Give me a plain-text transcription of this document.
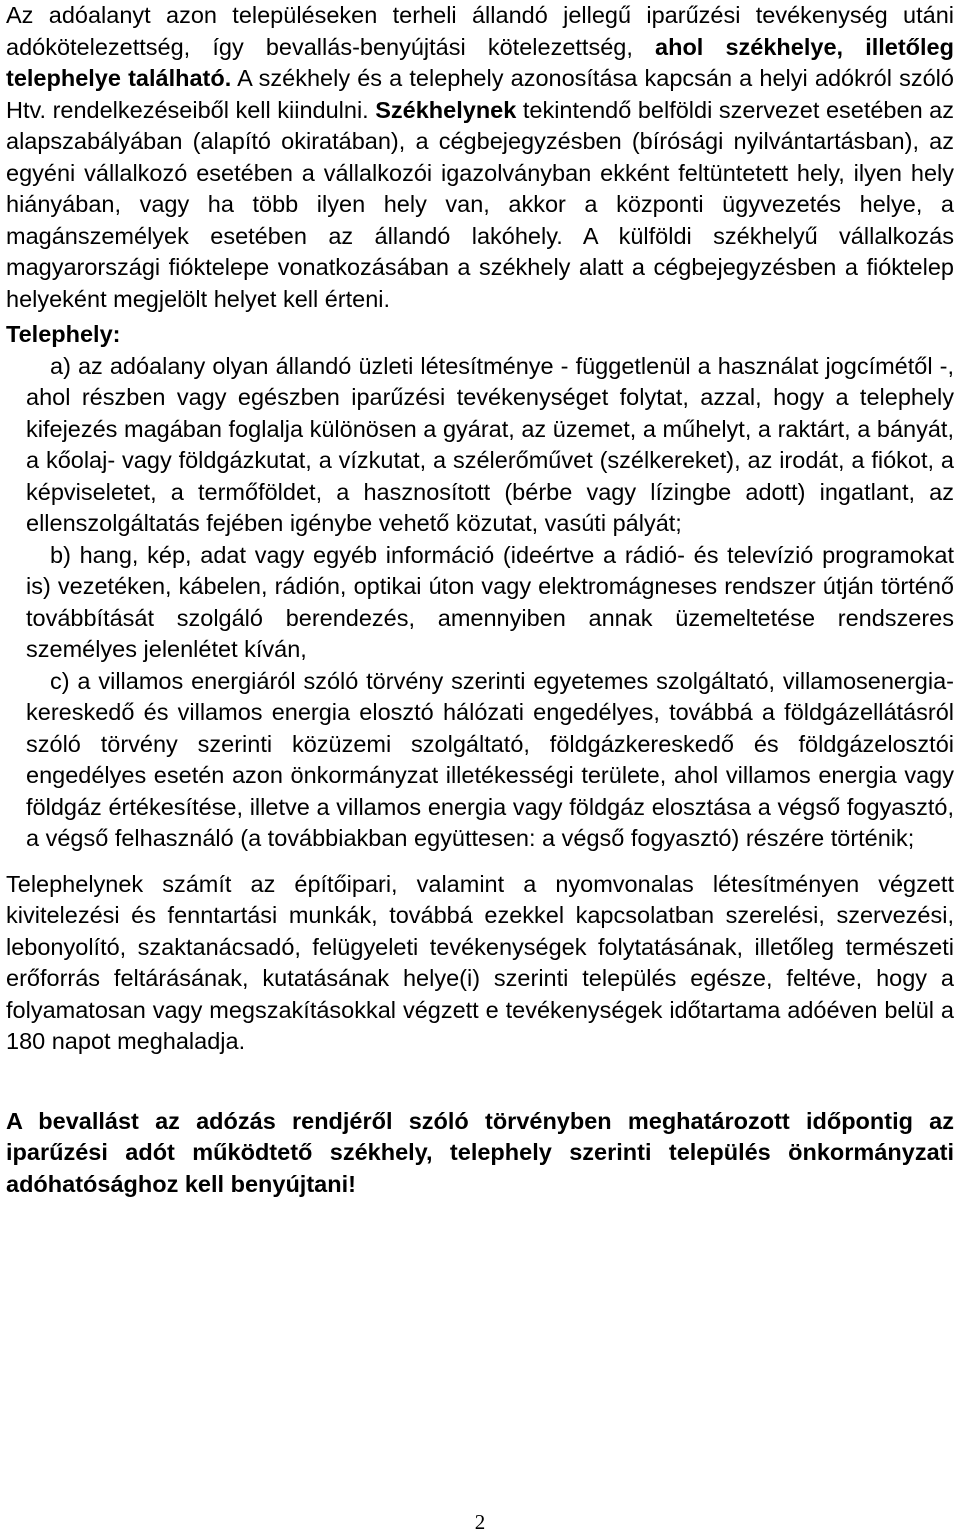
Az adóalanyt azon településeken terheli állandó jellegű iparűzési tevékenység utáni adókötelezettség, így bevallás-benyújtási kötelezettség, ahol székhelye, illetőleg telephelye található. A székhely és a telephely azonosítása kapcsán a helyi adókról szóló Htv. rendelkezéseiből kell kiindulni. Székhelynek tekintendő belföldi szervezet esetében az alapszabályában (alapító okiratában), a cégbejegyzésben (bírósági nyilvántartásban), az egyéni vállalkozó esetében a vállalkozói igazolványban ekként feltüntetett hely, ilyen hely hiányában, vagy ha több ilyen hely van, akkor a központi ügyvezetés helye, a magánszemélyek esetében az állandó lakóhely. A külföldi székhelyű vállalkozás magyarországi fióktelepe vonatkozásában a székhely alatt a cégbejegyzésben a fióktelep helyeként megjelölt helyet kell érteni.

Telephely:

a) az adóalany olyan állandó üzleti létesítménye - függetlenül a használat jogcímétől -, ahol részben vagy egészben iparűzési tevékenységet folytat, azzal, hogy a telephely kifejezés magában foglalja különösen a gyárat, az üzemet, a műhelyt, a raktárt, a bányát, a kőolaj- vagy földgázkutat, a vízkutat, a szélerőművet (szélkereket), az irodát, a fiókot, a képviseletet, a termőföldet, a hasznosított (bérbe vagy lízingbe adott) ingatlant, az ellenszolgáltatás fejében igénybe vehető közutat, vasúti pályát;

b) hang, kép, adat vagy egyéb információ (ideértve a rádió- és televízió programokat is) vezetéken, kábelen, rádión, optikai úton vagy elektromágneses rendszer útján történő továbbítását szolgáló berendezés, amennyiben annak üzemeltetése rendszeres személyes jelenlétet kíván,

c) a villamos energiáról szóló törvény szerinti egyetemes szolgáltató, villamosenergia-kereskedő és villamos energia elosztó hálózati engedélyes, továbbá a földgázellátásról szóló törvény szerinti közüzemi szolgáltató, földgázkereskedő és földgázelosztói engedélyes esetén azon önkormányzat illetékességi területe, ahol villamos energia vagy földgáz értékesítése, illetve a villamos energia vagy földgáz elosztása a végső fogyasztó, a végső felhasználó (a továbbiakban együttesen: a végső fogyasztó) részére történik;

Telephelynek számít az építőipari, valamint a nyomvonalas létesítményen végzett kivitelezési és fenntartási munkák, továbbá ezekkel kapcsolatban szerelési, szervezési, lebonyolító, szaktanácsadó, felügyeleti tevékenységek folytatásának, illetőleg természeti erőforrás feltárásának, kutatásának helye(i) szerinti település egésze, feltéve, hogy a folyamatosan vagy megszakításokkal végzett e tevékenységek időtartama adóéven belül a 180 napot meghaladja.

A bevallást az adózás rendjéről szóló törvényben meghatározott időpontig az iparűzési adót működtető székhely, telephely szerinti település önkormányzati adóhatósághoz kell benyújtani!

2
